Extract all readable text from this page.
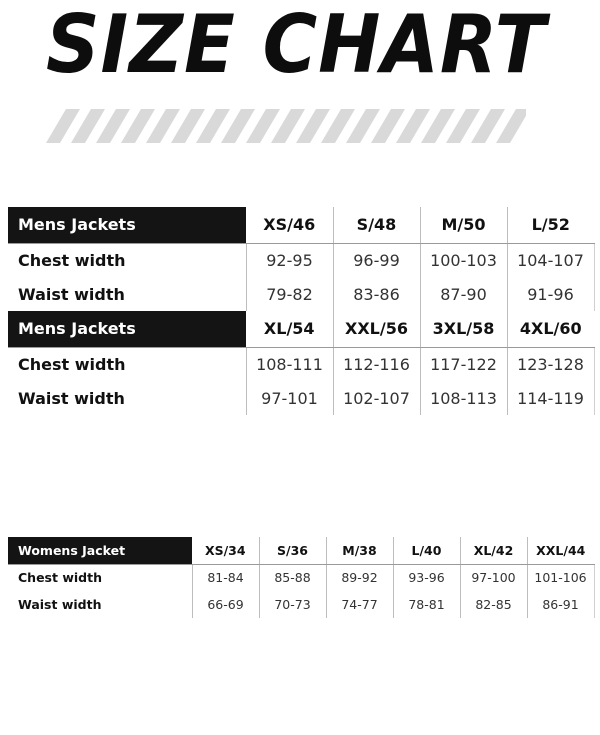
SIZE CHART
Mens Jackets	XS/46	S/48	M/50	L/52
Chest width	92-95	96-99	100-103	104-107
Waist width	79-82	83-86	87-90	91-96
Mens Jackets	XL/54	XXL/56	3XL/58	4XL/60
Chest width	108-111	112-116	117-122	123-128
Waist width	97-101	102-107	108-113	114-119
Womens Jacket	XS/34	S/36	M/38	L/40	XL/42	XXL/44
Chest width	81-84	85-88	89-92	93-96	97-100	101-106
Waist width	66-69	70-73	74-77	78-81	82-85	86-91
